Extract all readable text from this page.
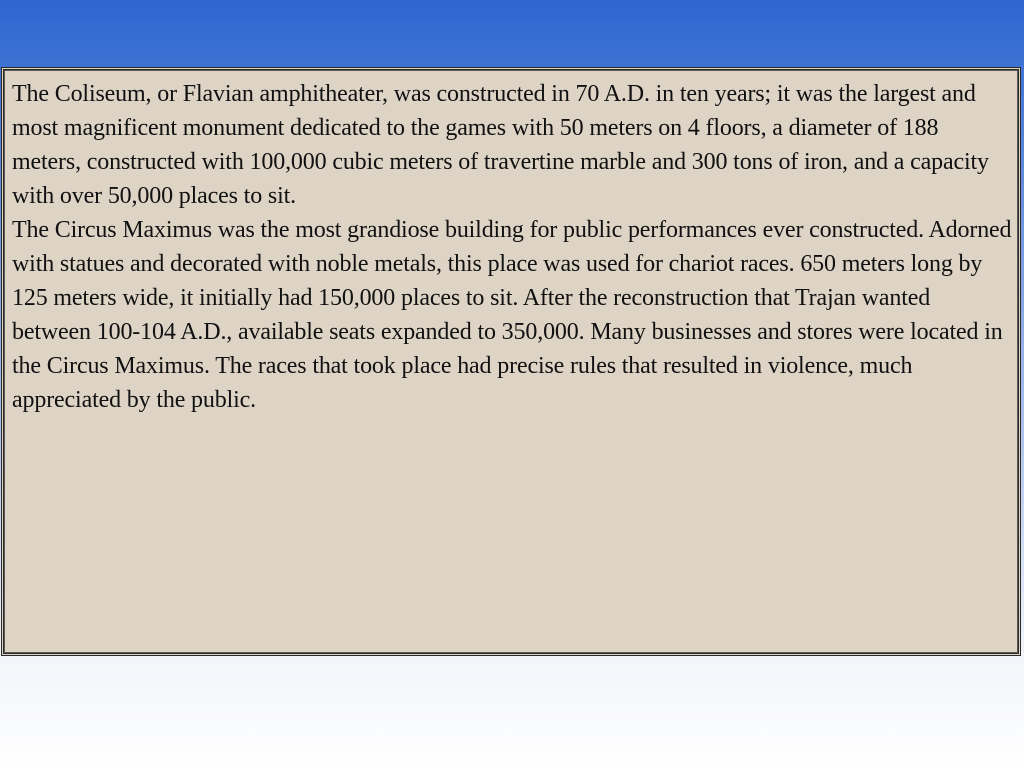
The Coliseum, or Flavian amphitheater, was constructed in 70 A.D. in ten years; it was the largest and most magnificent monument dedicated to the games with 50 meters on 4 floors, a diameter of 188 meters, constructed with 100,000 cubic meters of travertine marble and 300 tons of iron, and a capacity with over 50,000 places to sit.

The Circus Maximus was the most grandiose building for public performances ever constructed. Adorned with statues and decorated with noble metals, this place was used for chariot races. 650 meters long by 125 meters wide, it initially had 150,000 places to sit. After the reconstruction that Trajan wanted between 100-104 A.D., available seats expanded to 350,000. Many businesses and stores were located in the Circus Maximus. The races that took place had precise rules that resulted in violence, much appreciated by the public.
